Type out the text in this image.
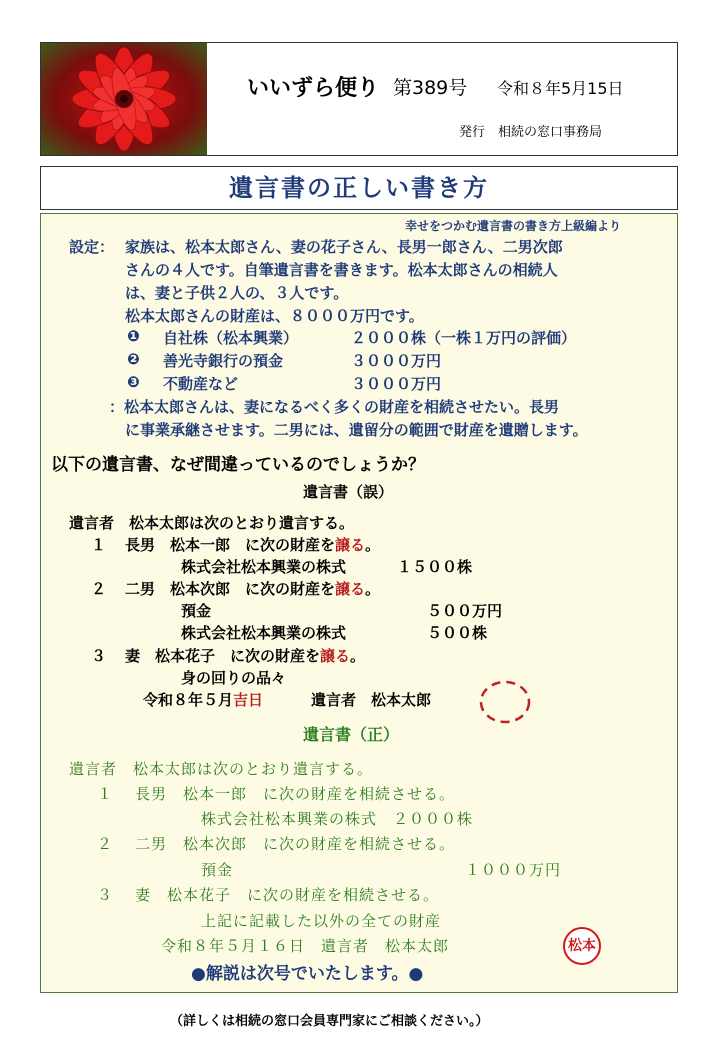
いいずら便り 第389号 令和８年5月15日
発行　相続の窓口事務局
遺言書の正しい書き方
幸せをつかむ遺言書の書き方上級編より
設定： 家族は、松本太郎さん、妻の花子さん、長男一郎さん、二男次郎
さんの４人です。自筆遺言書を書きます。松本太郎さんの相続人
は、妻と子供２人の、３人です。
松本太郎さんの財産は、８０００万円です。
❶ 自社株（松本興業）	２０００株（一株１万円の評価）
❷ 善光寺銀行の預金	３０００万円
❸ 不動産など	３０００万円
：松本太郎さんは、妻になるべく多くの財産を相続させたい。長男
に事業承継させます。二男には、遺留分の範囲で財産を遺贈します。
以下の遺言書、なぜ間違っているのでしょうか？
遺言書（誤）
遺言者　松本太郎は次のとおり遺言する。
１ 長男　松本一郎　に次の財産を譲る。
株式会社松本興業の株式	１５００株
２ 二男　松本次郎　に次の財産を譲る。
預金	５００万円
株式会社松本興業の株式	５００株
３ 妻　松本花子　に次の財産を譲る。
身の回りの品々
令和８年５月吉日	遺言者　松本太郎
遺言書（正）
遺言者　松本太郎は次のとおり遺言する。
１ 長男　松本一郎　に次の財産を相続させる。
株式会社松本興業の株式　２０００株
２ 二男　松本次郎　に次の財産を相続させる。
預金	１０００万円
３ 妻　松本花子　に次の財産を相続させる。
上記に記載した以外の全ての財産
令和８年５月１６日　遺言者　松本太郎	松本
●解説は次号でいたします。●
（詳しくは相続の窓口会員専門家にご相談ください。）
